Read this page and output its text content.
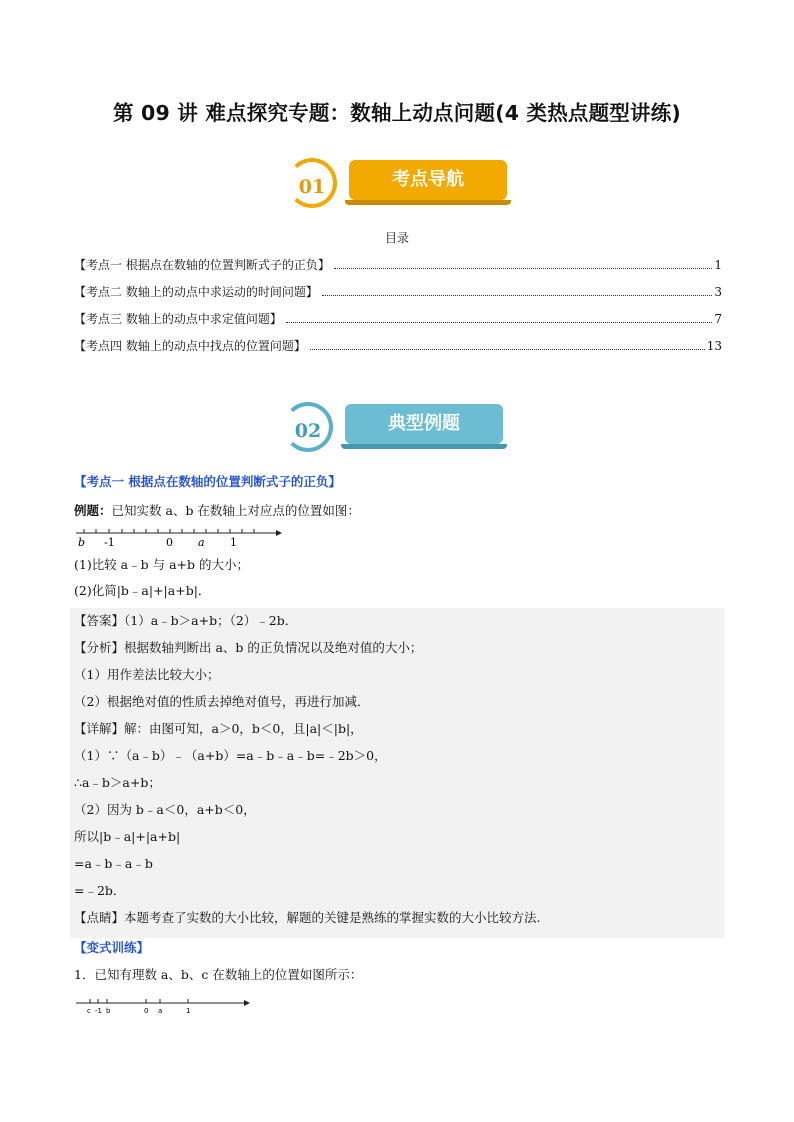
第 09 讲 难点探究专题：数轴上动点问题(4 类热点题型讲练)
考点导航
01
目录
【考点一 根据点在数轴的位置判断式子的正负】	1
【考点二 数轴上的动点中求运动的时间问题】	3
【考点三 数轴上的动点中求定值问题】	7
【考点四 数轴上的动点中找点的位置问题】	13
典型例题
02
【考点一 根据点在数轴的位置判断式子的正负】
例题：已知实数 a、b 在数轴上对应点的位置如图：
b -1	0 a 1
(1)比较 a﹣b 与 a+b 的大小；
(2)化简|b﹣a|+|a+b|．
【答案】（1）a﹣b＞a+b；（2）﹣2b．
【分析】根据数轴判断出 a、b 的正负情况以及绝对值的大小；
（1）用作差法比较大小；
（2）根据绝对值的性质去掉绝对值号，再进行加减．
【详解】解：由图可知，a＞0，b＜0，且|a|＜|b|，
（1）∵（a﹣b）﹣（a+b）=a﹣b﹣a﹣b=﹣2b＞0，
∴a﹣b＞a+b；
（2）因为 b﹣a＜0，a+b＜0，
所以|b﹣a|+|a+b|
=a﹣b﹣a﹣b
=﹣2b．
【点睛】本题考查了实数的大小比较，解题的关键是熟练的掌握实数的大小比较方法.
【变式训练】
1．已知有理数 a、b、c 在数轴上的位置如图所示：
c -1 b	0 a	1
